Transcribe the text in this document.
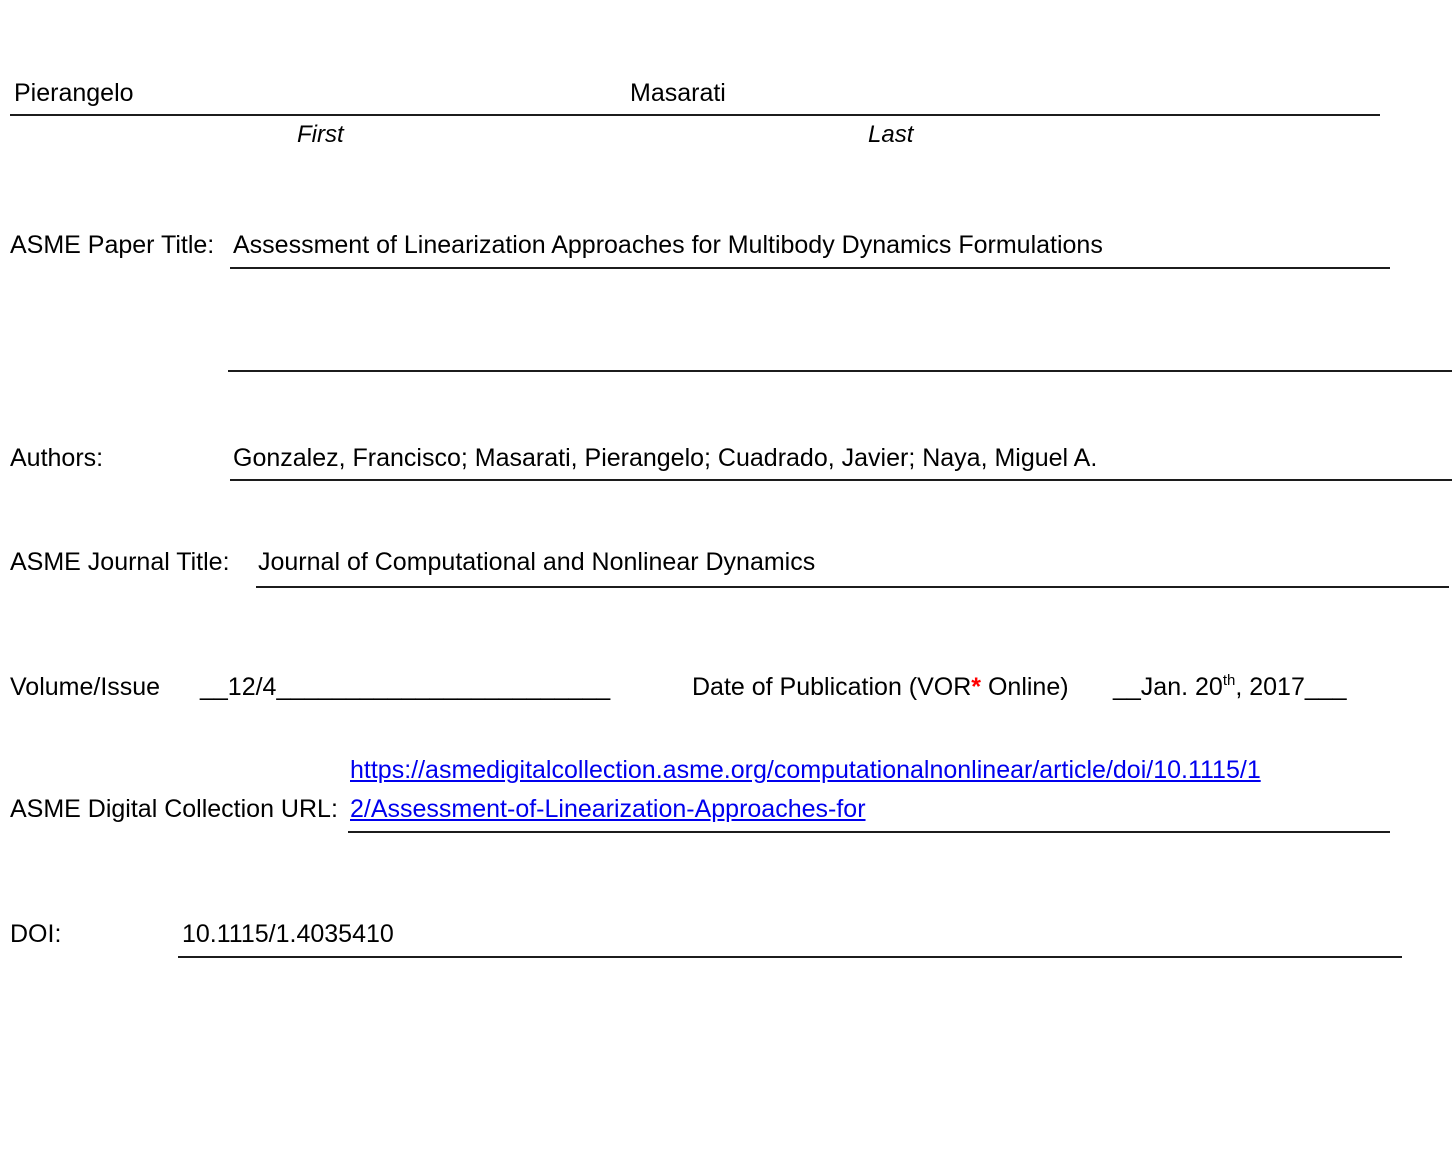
Pierangelo	Masarati
First	Last
ASME Paper Title: Assessment of Linearization Approaches for Multibody Dynamics Formulations
Authors:	Gonzalez, Francisco; Masarati, Pierangelo; Cuadrado, Javier; Naya, Miguel A.
ASME Journal Title: Journal of Computational and Nonlinear Dynamics
Volume/Issue __12/4________________________	Date of Publication (VOR* Online) __Jan. 20th, 2017___
https://asmedigitalcollection.asme.org/computationalnonlinear/article/doi/10.1115/1
ASME Digital Collection URL: 2/Assessment-of-Linearization-Approaches-for
DOI:	10.1115/1.4035410
